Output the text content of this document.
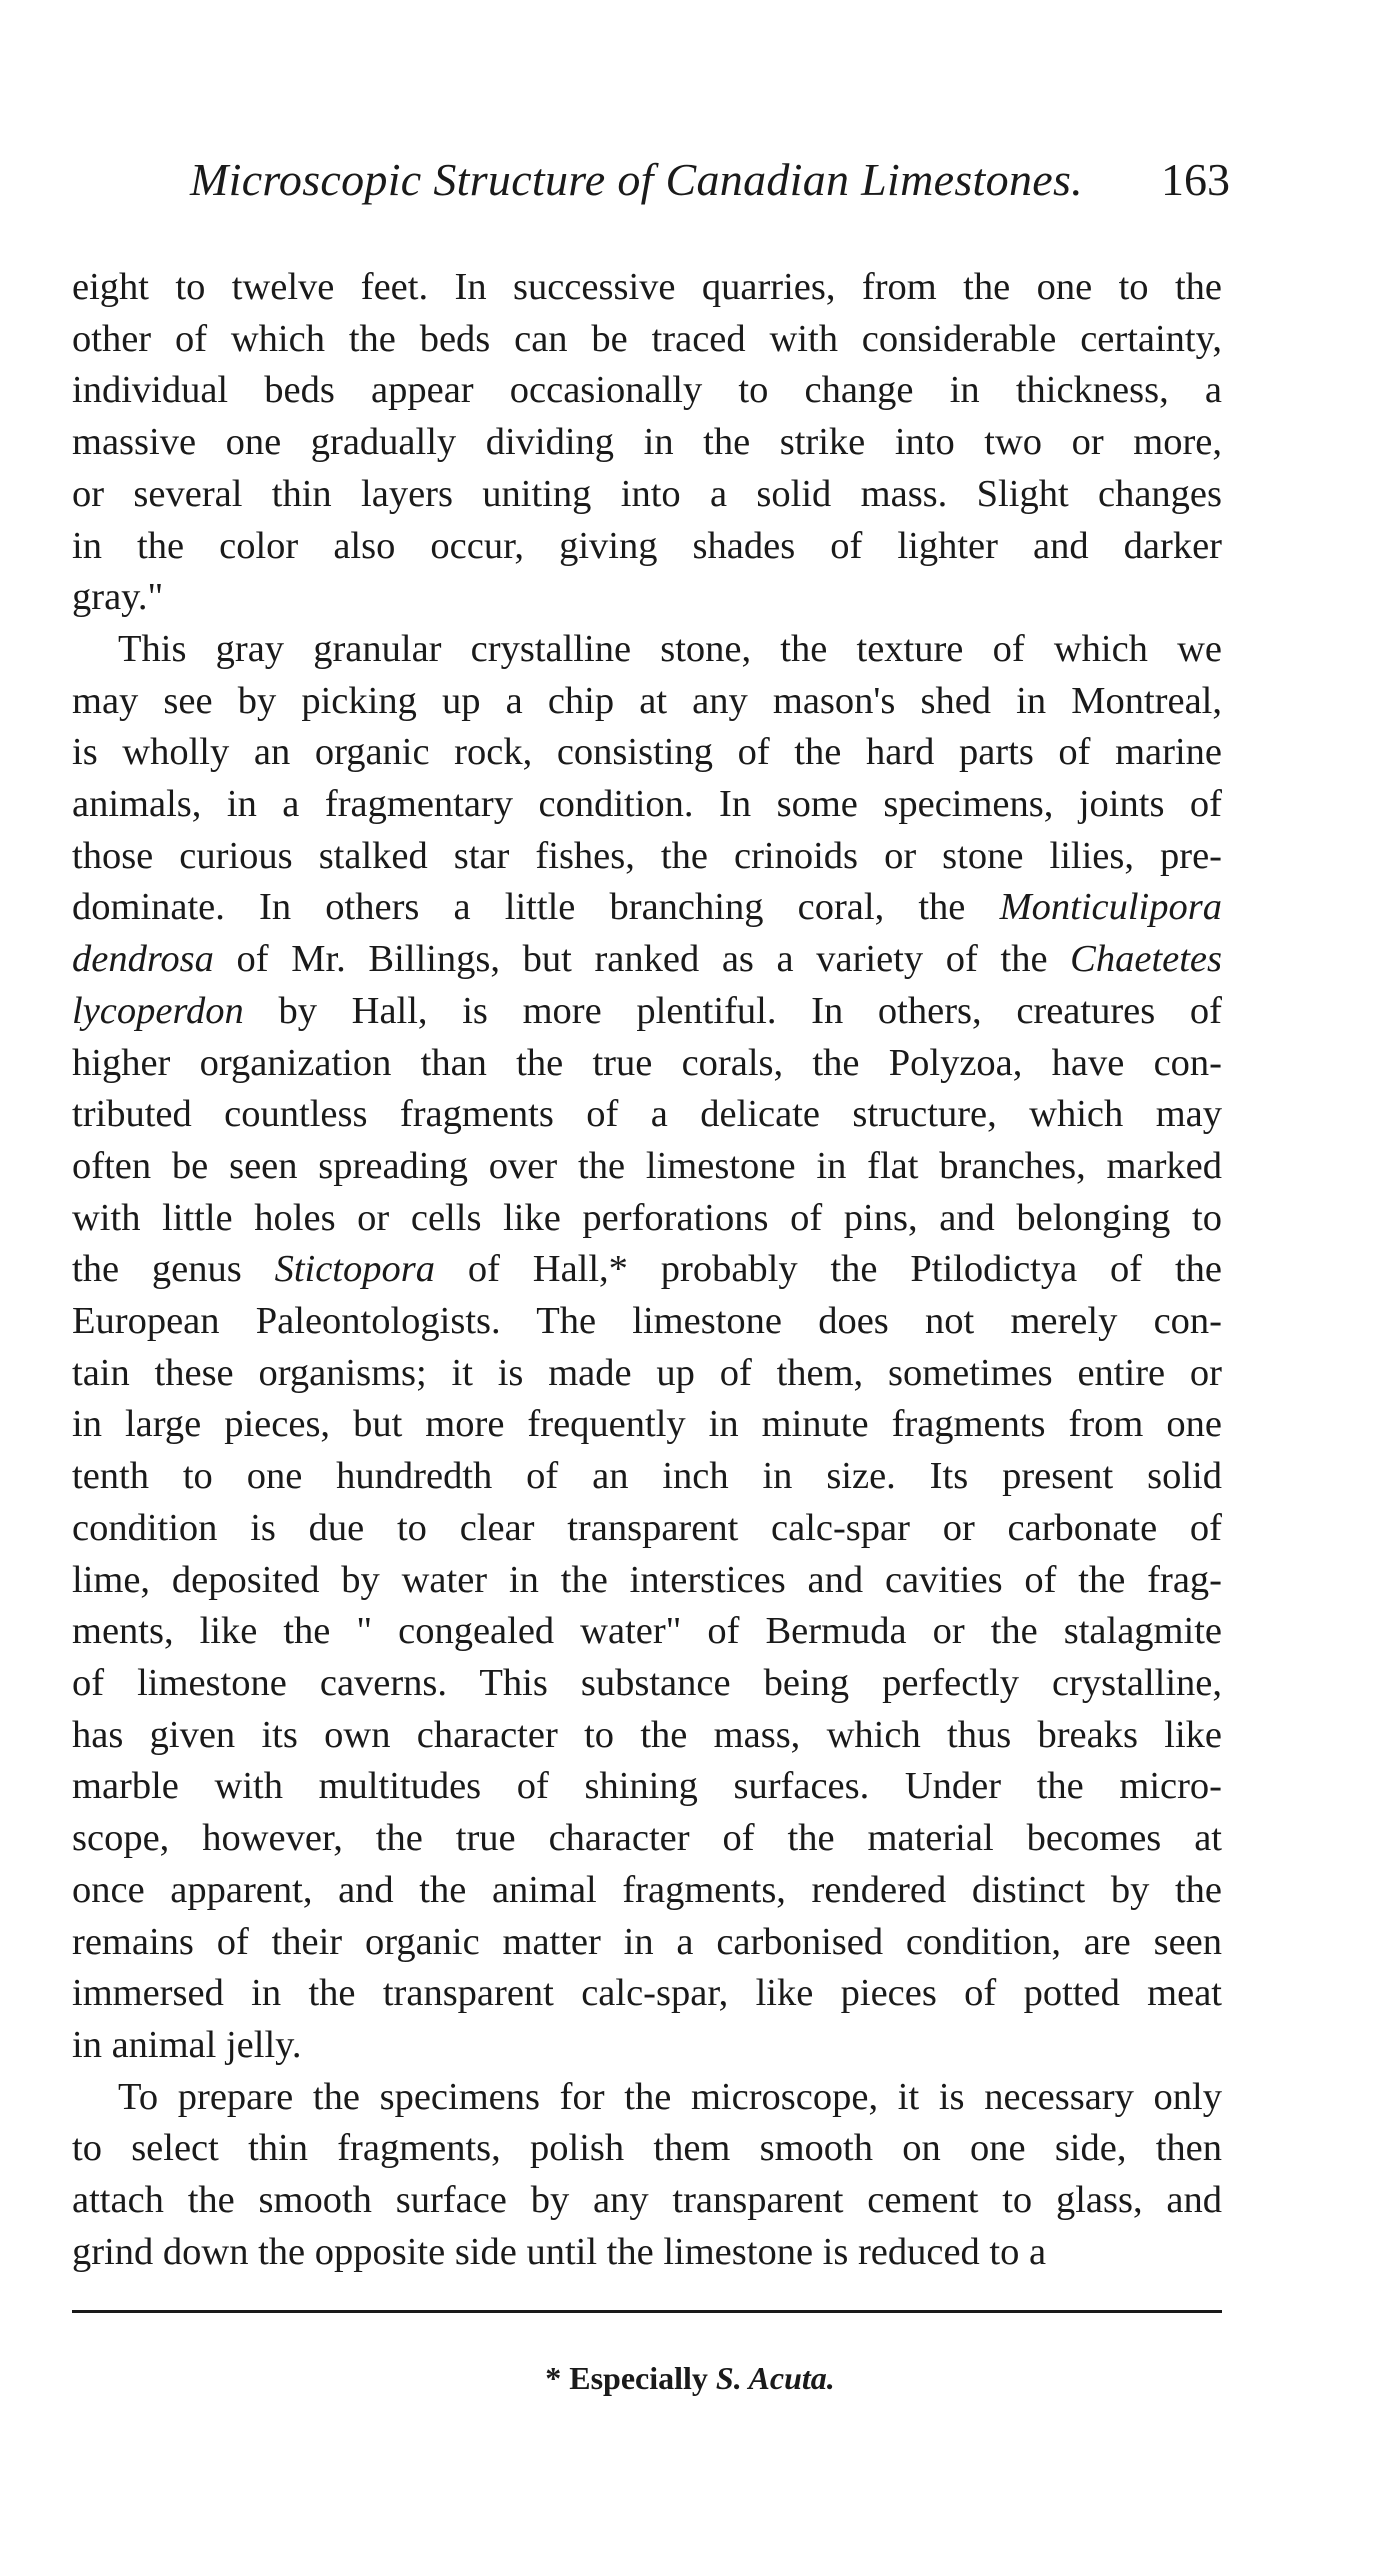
Microscopic Structure of Canadian Limestones. 163

eight to twelve feet. In successive quarries, from the one to the
other of which the beds can be traced with considerable certainty,
individual beds appear occasionally to change in thickness, a
massive one gradually dividing in the strike into two or more,
or several thin layers uniting into a solid mass. Slight changes
in the color also occur, giving shades of lighter and darker
gray."

This gray granular crystalline stone, the texture of which we
may see by picking up a chip at any mason's shed in Montreal,
is wholly an organic rock, consisting of the hard parts of marine
animals, in a fragmentary condition. In some specimens, joints of
those curious stalked star fishes, the crinoids or stone lilies, pre-
dominate. In others a little branching coral, the Monticulipora
dendrosa of Mr. Billings, but ranked as a variety of the Chaetetes
lycoperdon by Hall, is more plentiful. In others, creatures of
higher organization than the true corals, the Polyzoa, have con-
tributed countless fragments of a delicate structure, which may
often be seen spreading over the limestone in flat branches, marked
with little holes or cells like perforations of pins, and belonging to
the genus Stictopora of Hall,* probably the Ptilodictya of the
European Paleontologists. The limestone does not merely con-
tain these organisms; it is made up of them, sometimes entire or
in large pieces, but more frequently in minute fragments from one
tenth to one hundredth of an inch in size. Its present solid
condition is due to clear transparent calc-spar or carbonate of
lime, deposited by water in the interstices and cavities of the frag-
ments, like the " congealed water" of Bermuda or the stalagmite
of limestone caverns. This substance being perfectly crystalline,
has given its own character to the mass, which thus breaks like
marble with multitudes of shining surfaces. Under the micro-
scope, however, the true character of the material becomes at
once apparent, and the animal fragments, rendered distinct by the
remains of their organic matter in a carbonised condition, are seen
immersed in the transparent calc-spar, like pieces of potted meat
in animal jelly.

To prepare the specimens for the microscope, it is necessary only
to select thin fragments, polish them smooth on one side, then
attach the smooth surface by any transparent cement to glass, and
grind down the opposite side until the limestone is reduced to a

* Especially S. Acuta.
